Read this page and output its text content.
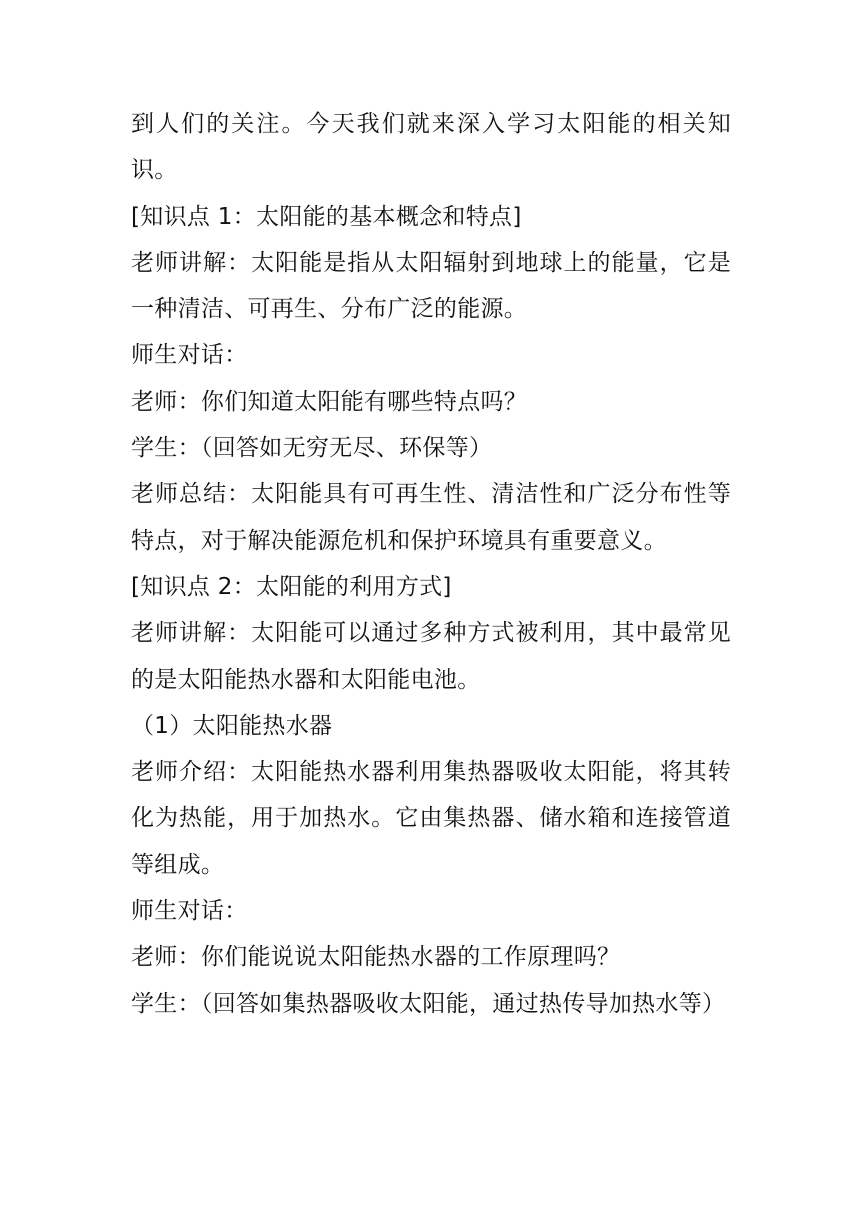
到人们的关注。今天我们就来深入学习太阳能的相关知识。

[知识点 1：太阳能的基本概念和特点]

老师讲解：太阳能是指从太阳辐射到地球上的能量，它是一种清洁、可再生、分布广泛的能源。

师生对话：

老师：你们知道太阳能有哪些特点吗？

学生：（回答如无穷无尽、环保等）

老师总结：太阳能具有可再生性、清洁性和广泛分布性等特点，对于解决能源危机和保护环境具有重要意义。

[知识点 2：太阳能的利用方式]

老师讲解：太阳能可以通过多种方式被利用，其中最常见的是太阳能热水器和太阳能电池。

（1）太阳能热水器

老师介绍：太阳能热水器利用集热器吸收太阳能，将其转化为热能，用于加热水。它由集热器、储水箱和连接管道等组成。

师生对话：

老师：你们能说说太阳能热水器的工作原理吗？

学生：（回答如集热器吸收太阳能，通过热传导加热水等）
